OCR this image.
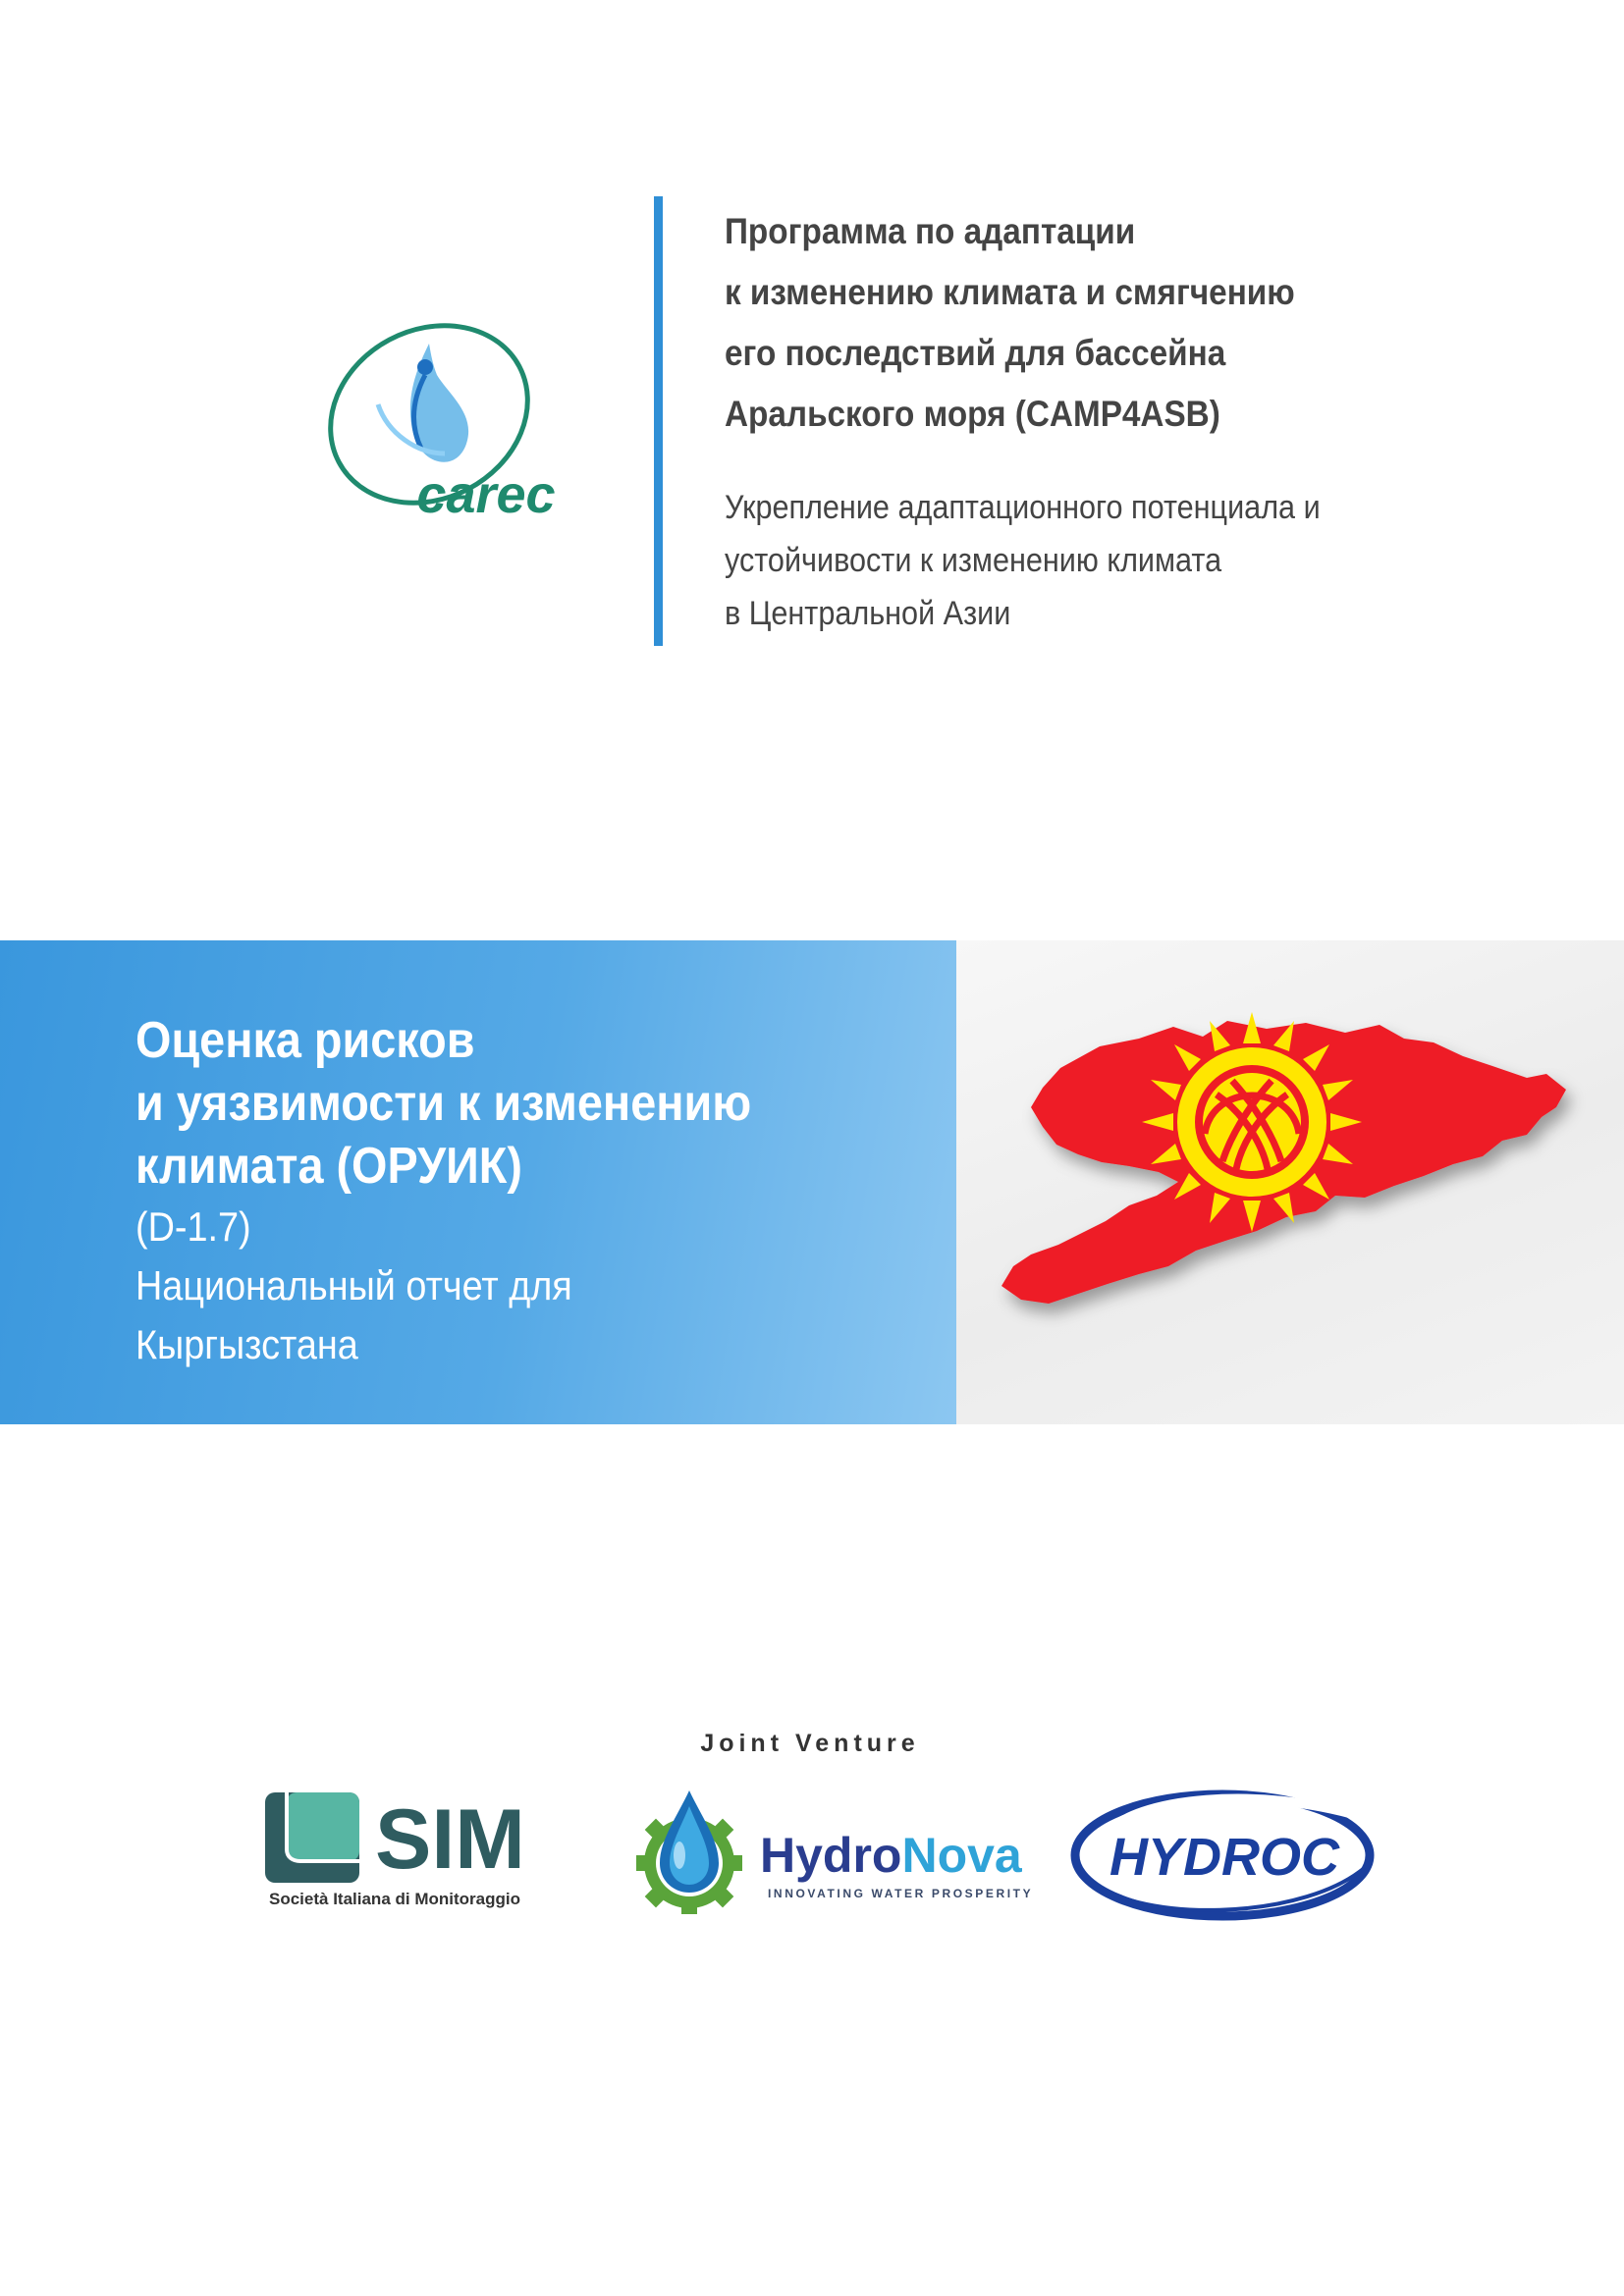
carec
Программа по адаптации
к изменению климата и смягчению
его последствий для бассейна
Аральского моря (CAMP4ASB)
Укрепление адаптационного потенциала и
устойчивости к изменению климата
в Центральной Азии
Оценка рисков
и уязвимости к изменению
климата (ОРУИК)
(D-1.7)
Национальный отчет для
Кыргызстана
Joint Venture
SIM
Società Italiana di Monitoraggio
HydroNova
INNOVATING WATER PROSPERITY
HYDROC
